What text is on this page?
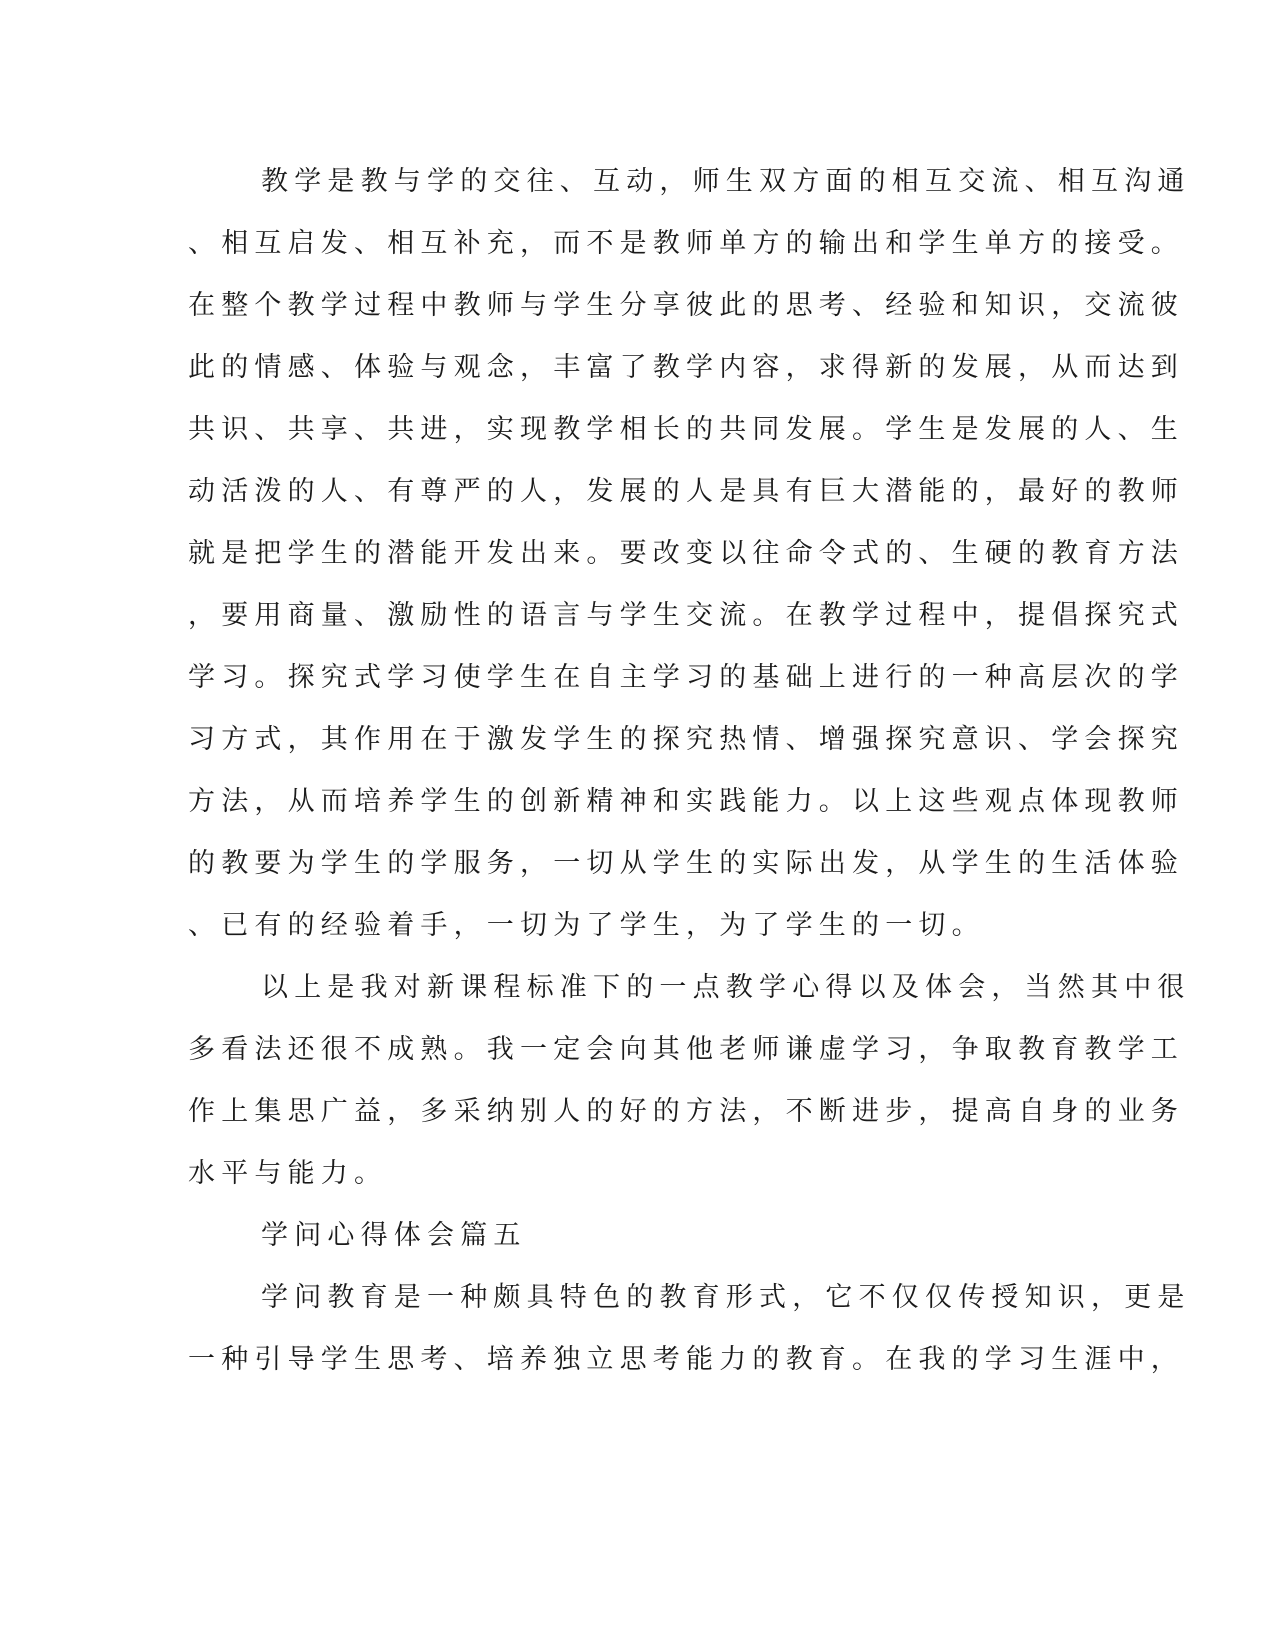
教学是教与学的交往、互动，师生双方面的相互交流、相互沟通
、相互启发、相互补充，而不是教师单方的输出和学生单方的接受。
在整个教学过程中教师与学生分享彼此的思考、经验和知识，交流彼
此的情感、体验与观念，丰富了教学内容，求得新的发展，从而达到
共识、共享、共进，实现教学相长的共同发展。学生是发展的人、生
动活泼的人、有尊严的人，发展的人是具有巨大潜能的，最好的教师
就是把学生的潜能开发出来。要改变以往命令式的、生硬的教育方法
，要用商量、激励性的语言与学生交流。在教学过程中，提倡探究式
学习。探究式学习使学生在自主学习的基础上进行的一种高层次的学
习方式，其作用在于激发学生的探究热情、增强探究意识、学会探究
方法，从而培养学生的创新精神和实践能力。以上这些观点体现教师
的教要为学生的学服务，一切从学生的实际出发，从学生的生活体验
、已有的经验着手，一切为了学生，为了学生的一切。
以上是我对新课程标准下的一点教学心得以及体会，当然其中很
多看法还很不成熟。我一定会向其他老师谦虚学习，争取教育教学工
作上集思广益，多采纳别人的好的方法，不断进步，提高自身的业务
水平与能力。
学问心得体会篇五
学问教育是一种颇具特色的教育形式，它不仅仅传授知识，更是
一种引导学生思考、培养独立思考能力的教育。在我的学习生涯中，
